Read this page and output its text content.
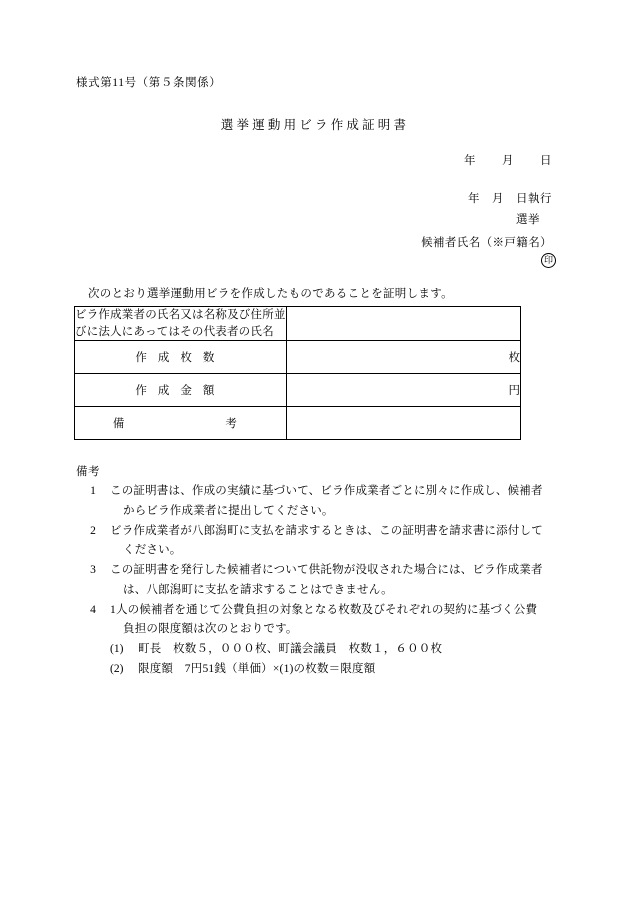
様式第11号（第５条関係）
選挙運動用ビラ作成証明書
年 月 日
年　月　日執行
選挙
候補者氏名（※戸籍名）
印
次のとおり選挙運動用ビラを作成したものであることを証明します。
ビラ作成業者の氏名又は名称及び住所並びに法人にあってはその代表者の氏名	
作成枚数	枚
作成金額	円
備　　　　考	
備考
1	この証明書は、作成の実績に基づいて、ビラ作成業者ごとに別々に作成し、候補者
からビラ作成業者に提出してください。
2	ビラ作成業者が八郎潟町に支払を請求するときは、この証明書を請求書に添付して
ください。
3	この証明書を発行した候補者について供託物が没収された場合には、ビラ作成業者
は、八郎潟町に支払を請求することはできません。
4	1人の候補者を通じて公費負担の対象となる枚数及びそれぞれの契約に基づく公費
負担の限度額は次のとおりです。
(1)	町長　枚数５，０００枚、町議会議員　枚数１，６００枚
(2)	限度額　7円51銭（単価）×(1)の枚数＝限度額
